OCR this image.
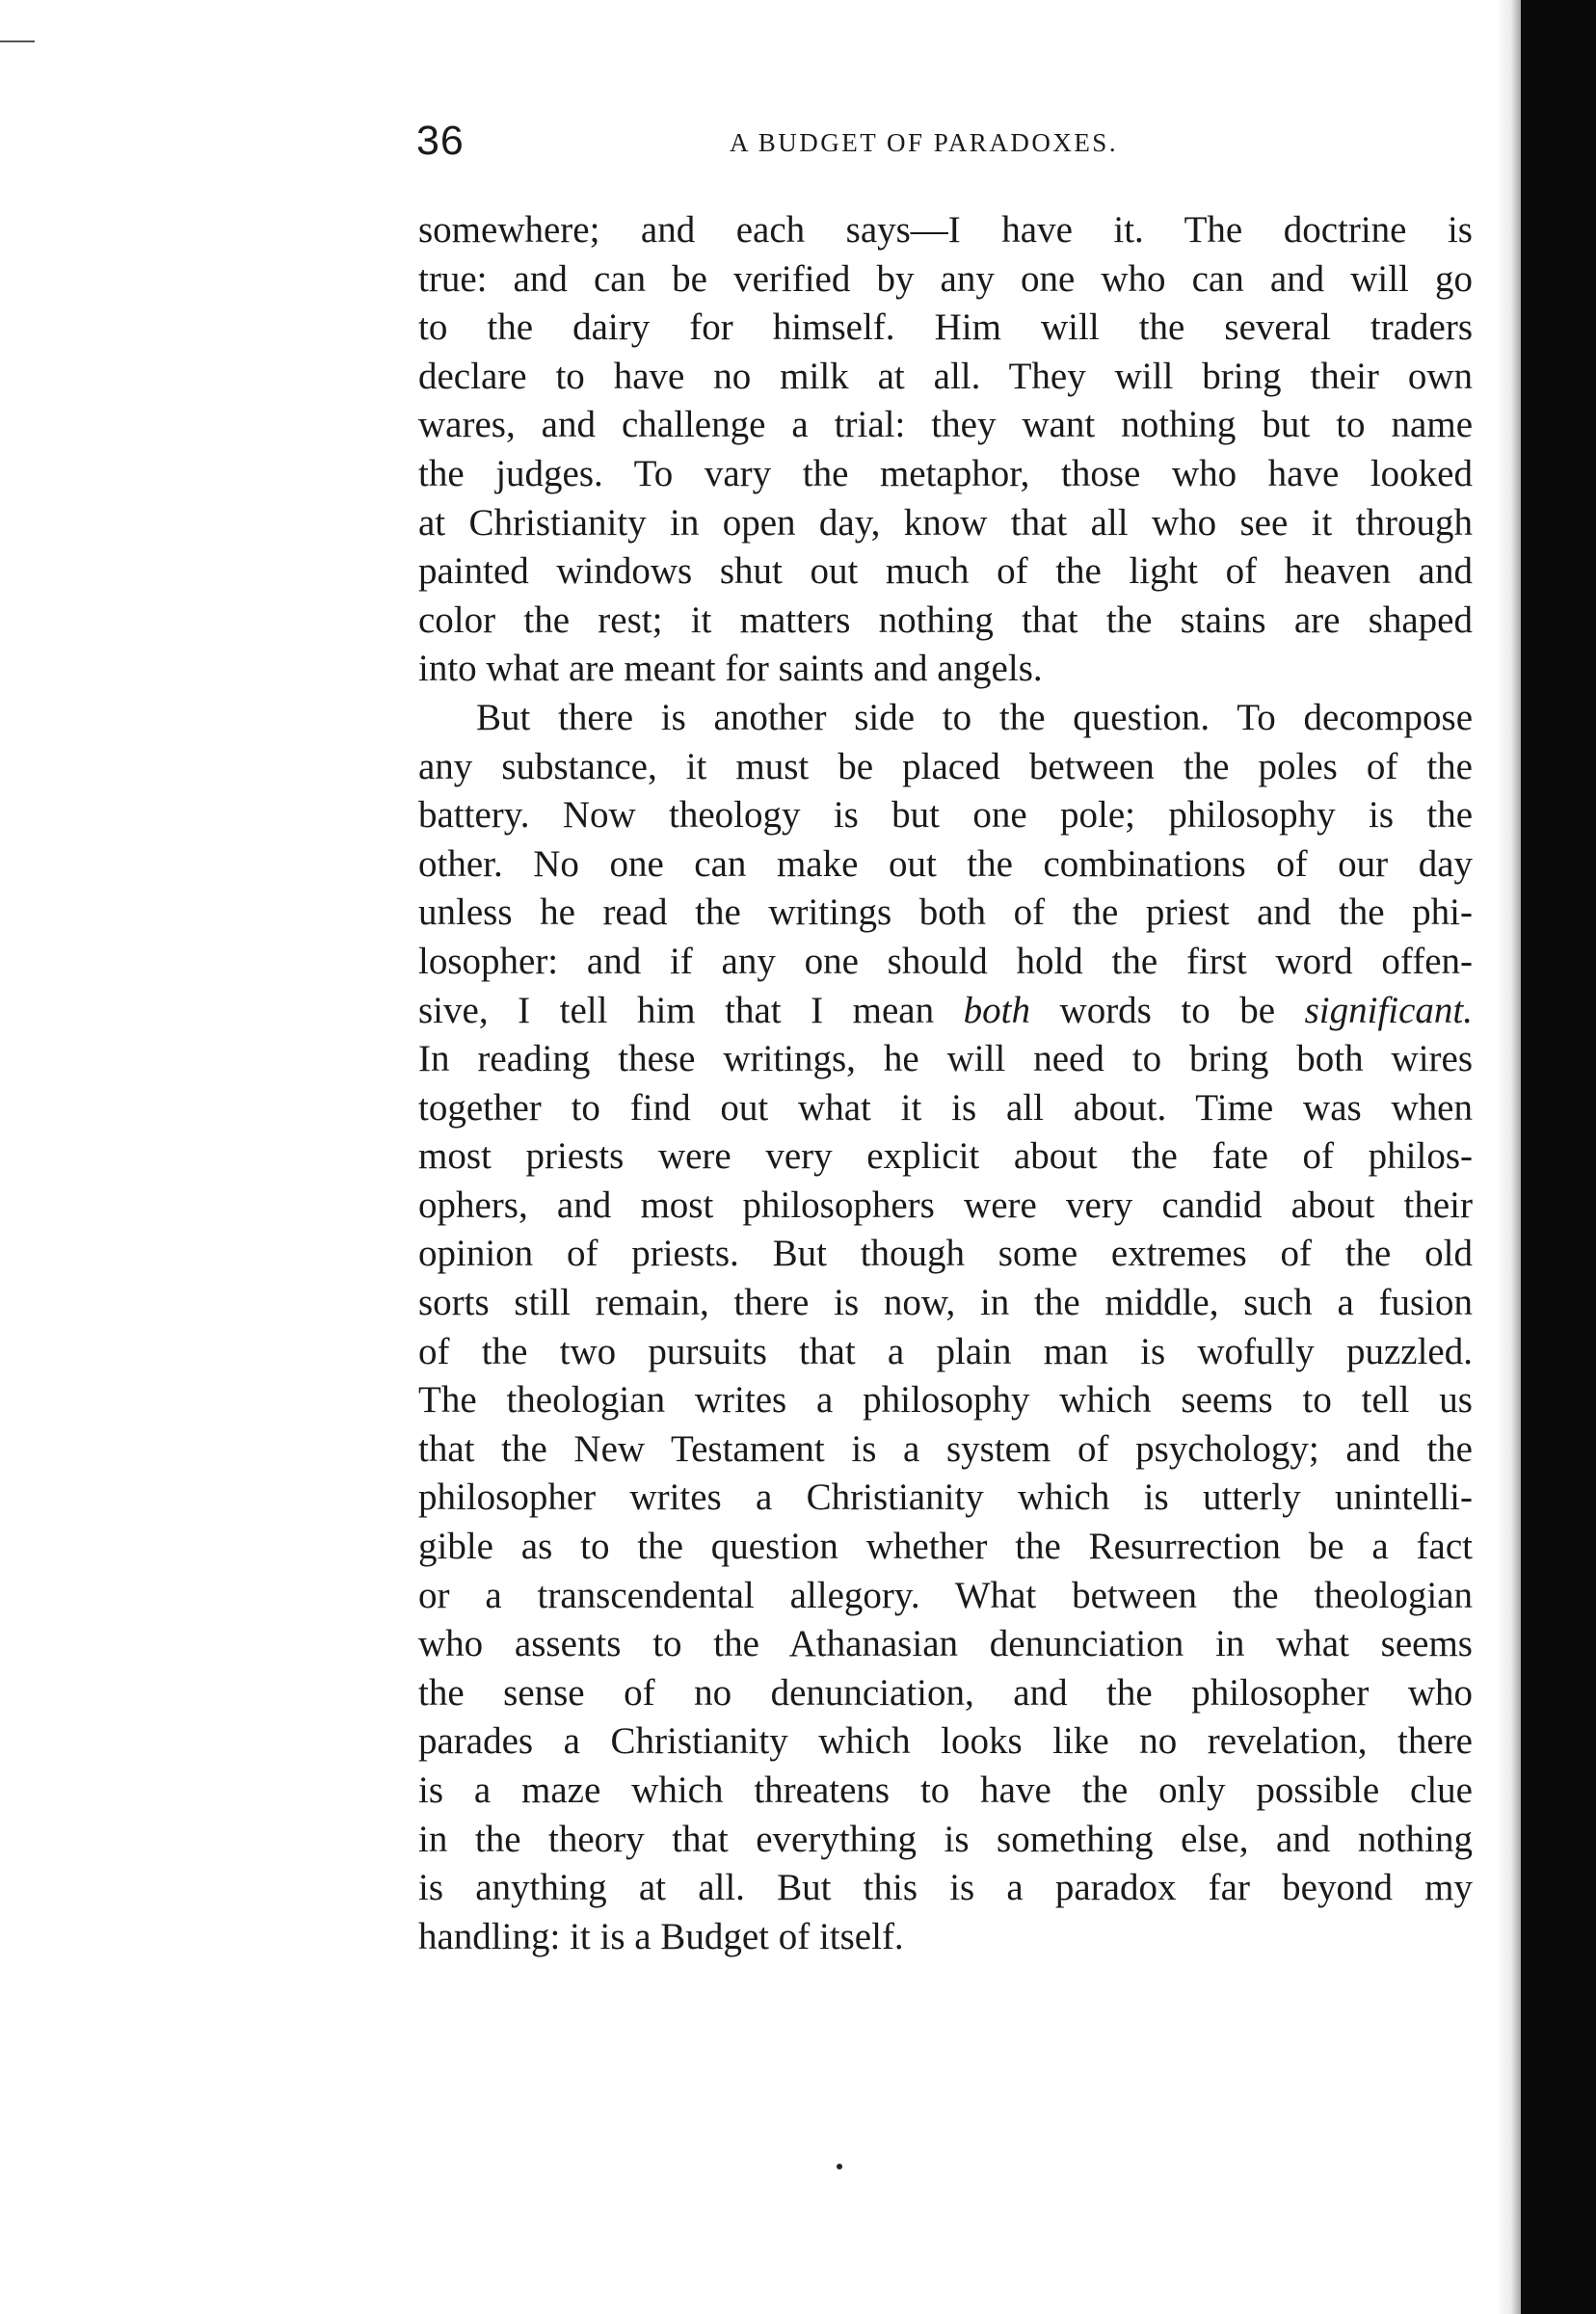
36	A BUDGET OF PARADOXES.
somewhere; and each says—I have it. The doctrine is
true: and can be verified by any one who can and will go
to the dairy for himself. Him will the several traders
declare to have no milk at all. They will bring their own
wares, and challenge a trial: they want nothing but to name
the judges. To vary the metaphor, those who have looked
at Christianity in open day, know that all who see it through
painted windows shut out much of the light of heaven and
color the rest; it matters nothing that the stains are shaped
into what are meant for saints and angels.
But there is another side to the question. To decompose
any substance, it must be placed between the poles of the
battery. Now theology is but one pole; philosophy is the
other. No one can make out the combinations of our day
unless he read the writings both of the priest and the phi-
losopher: and if any one should hold the first word offen-
sive, I tell him that I mean both words to be significant.
In reading these writings, he will need to bring both wires
together to find out what it is all about. Time was when
most priests were very explicit about the fate of philos-
ophers, and most philosophers were very candid about their
opinion of priests. But though some extremes of the old
sorts still remain, there is now, in the middle, such a fusion
of the two pursuits that a plain man is wofully puzzled.
The theologian writes a philosophy which seems to tell us
that the New Testament is a system of psychology; and the
philosopher writes a Christianity which is utterly unintelli-
gible as to the question whether the Resurrection be a fact
or a transcendental allegory. What between the theologian
who assents to the Athanasian denunciation in what seems
the sense of no denunciation, and the philosopher who
parades a Christianity which looks like no revelation, there
is a maze which threatens to have the only possible clue
in the theory that everything is something else, and nothing
is anything at all. But this is a paradox far beyond my
handling: it is a Budget of itself.
